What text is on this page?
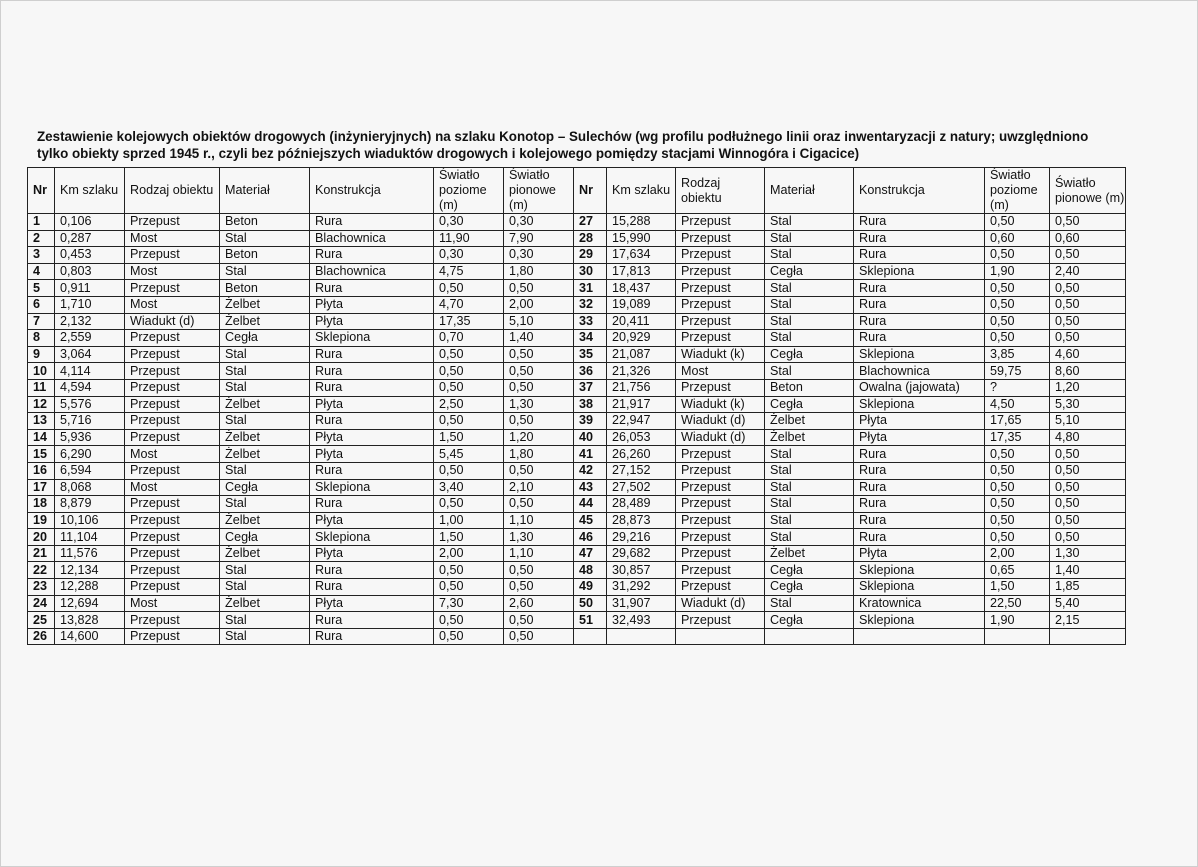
Zestawienie kolejowych obiektów drogowych (inżynieryjnych) na szlaku Konotop – Sulechów (wg profilu podłużnego linii oraz inwentaryzacji z natury; uwzględniono
tylko obiekty sprzed 1945 r., czyli bez późniejszych wiaduktów drogowych i kolejowego pomiędzy stacjami Winnogóra i Cigacice)
Nr	Km szlaku	Rodzaj obiektu	Materiał	Konstrukcja	Światło poziome (m)	Światło pionowe (m)	Nr	Km szlaku	Rodzaj obiektu	Materiał	Konstrukcja	Światło poziome (m)	Światło pionowe (m)
1	0,106	Przepust	Beton	Rura	0,30	0,30	27	15,288	Przepust	Stal	Rura	0,50	0,50
2	0,287	Most	Stal	Blachownica	11,90	7,90	28	15,990	Przepust	Stal	Rura	0,60	0,60
3	0,453	Przepust	Beton	Rura	0,30	0,30	29	17,634	Przepust	Stal	Rura	0,50	0,50
4	0,803	Most	Stal	Blachownica	4,75	1,80	30	17,813	Przepust	Cegła	Sklepiona	1,90	2,40
5	0,911	Przepust	Beton	Rura	0,50	0,50	31	18,437	Przepust	Stal	Rura	0,50	0,50
6	1,710	Most	Żelbet	Płyta	4,70	2,00	32	19,089	Przepust	Stal	Rura	0,50	0,50
7	2,132	Wiadukt (d)	Żelbet	Płyta	17,35	5,10	33	20,411	Przepust	Stal	Rura	0,50	0,50
8	2,559	Przepust	Cegła	Sklepiona	0,70	1,40	34	20,929	Przepust	Stal	Rura	0,50	0,50
9	3,064	Przepust	Stal	Rura	0,50	0,50	35	21,087	Wiadukt (k)	Cegła	Sklepiona	3,85	4,60
10	4,114	Przepust	Stal	Rura	0,50	0,50	36	21,326	Most	Stal	Blachownica	59,75	8,60
11	4,594	Przepust	Stal	Rura	0,50	0,50	37	21,756	Przepust	Beton	Owalna (jajowata)	?	1,20
12	5,576	Przepust	Żelbet	Płyta	2,50	1,30	38	21,917	Wiadukt (k)	Cegła	Sklepiona	4,50	5,30
13	5,716	Przepust	Stal	Rura	0,50	0,50	39	22,947	Wiadukt (d)	Żelbet	Płyta	17,65	5,10
14	5,936	Przepust	Żelbet	Płyta	1,50	1,20	40	26,053	Wiadukt (d)	Żelbet	Płyta	17,35	4,80
15	6,290	Most	Żelbet	Płyta	5,45	1,80	41	26,260	Przepust	Stal	Rura	0,50	0,50
16	6,594	Przepust	Stal	Rura	0,50	0,50	42	27,152	Przepust	Stal	Rura	0,50	0,50
17	8,068	Most	Cegła	Sklepiona	3,40	2,10	43	27,502	Przepust	Stal	Rura	0,50	0,50
18	8,879	Przepust	Stal	Rura	0,50	0,50	44	28,489	Przepust	Stal	Rura	0,50	0,50
19	10,106	Przepust	Żelbet	Płyta	1,00	1,10	45	28,873	Przepust	Stal	Rura	0,50	0,50
20	11,104	Przepust	Cegła	Sklepiona	1,50	1,30	46	29,216	Przepust	Stal	Rura	0,50	0,50
21	11,576	Przepust	Żelbet	Płyta	2,00	1,10	47	29,682	Przepust	Żelbet	Płyta	2,00	1,30
22	12,134	Przepust	Stal	Rura	0,50	0,50	48	30,857	Przepust	Cegła	Sklepiona	0,65	1,40
23	12,288	Przepust	Stal	Rura	0,50	0,50	49	31,292	Przepust	Cegła	Sklepiona	1,50	1,85
24	12,694	Most	Żelbet	Płyta	7,30	2,60	50	31,907	Wiadukt (d)	Stal	Kratownica	22,50	5,40
25	13,828	Przepust	Stal	Rura	0,50	0,50	51	32,493	Przepust	Cegła	Sklepiona	1,90	2,15
26	14,600	Przepust	Stal	Rura	0,50	0,50							
